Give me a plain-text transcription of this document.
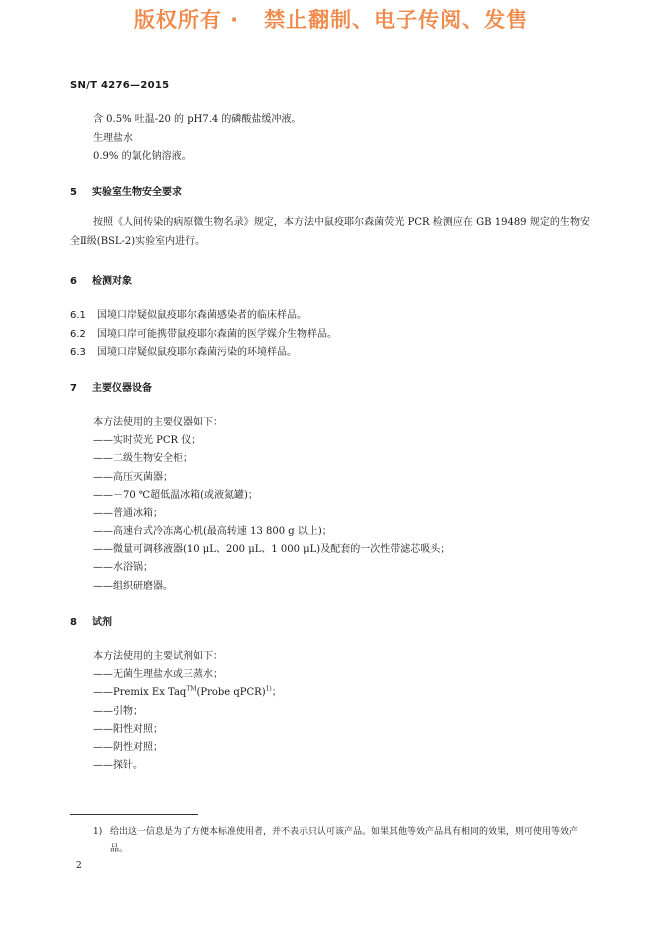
版权所有 ·   禁止翻制、电子传阅、发售
SN/T 4276—2015
含 0.5% 吐温-20 的 pH7.4 的磷酸盐缓冲液。
生理盐水
0.9% 的氯化钠溶液。
5 实验室生物安全要求
按照《人间传染的病原微生物名录》规定，本方法中鼠疫耶尔森菌荧光 PCR 检测应在 GB 19489 规定的生物安全Ⅱ级(BSL-2)实验室内进行。
6 检测对象
6.1 国境口岸疑似鼠疫耶尔森菌感染者的临床样品。
6.2 国境口岸可能携带鼠疫耶尔森菌的医学媒介生物样品。
6.3 国境口岸疑似鼠疫耶尔森菌污染的环境样品。
7 主要仪器设备
本方法使用的主要仪器如下：
——实时荧光 PCR 仪；
——二级生物安全柜；
——高压灭菌器；
——－70 ℃超低温冰箱(或液氮罐)；
——普通冰箱；
——高速台式冷冻离心机(最高转速 13 800 g 以上)；
——微量可调移液器(10 μL、200 μL、1 000 μL)及配套的一次性带滤芯吸头；
——水浴锅；
——组织研磨器。
8 试剂
本方法使用的主要试剂如下：
——无菌生理盐水或三蒸水；
——Premix Ex Taq™(Probe qPCR)$^{1)}$；
——引物；
——阳性对照；
——阴性对照；
——探针。
1) 给出这一信息是为了方便本标准使用者，并不表示只认可该产品。如果其他等效产品具有相同的效果，则可使用等效产品。
2
